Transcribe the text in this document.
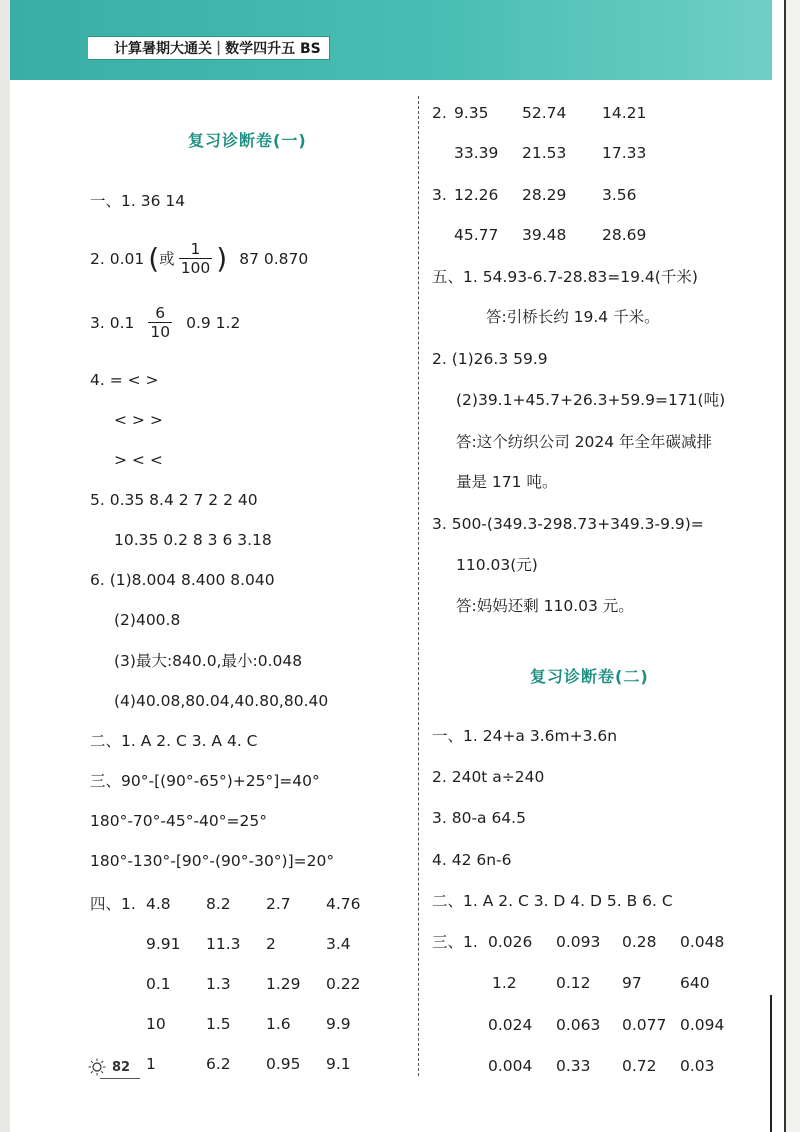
计算暑期大通关 | 数学四升五 BS
复习诊断卷(一)
一、1. 36 14
2. 0.01 ( 或 $\frac{1}{100}$ ) 87 0.870
3. $0.1 \frac{6}{10} 0.9$ 1.2
4. = < >
< > >
> < <
5. 0.35 8.4 2 7 2 2 40
10.35 0.2 8 3 6 3.18
6. (1)8.004 8.400 8.040
(2)400.8
(3)最大:840.0,最小:0.048
(4)40.08,80.04,40.80,80.40
二、1. A 2. C 3. A 4. C
三、90°-[(90°-65°)+25°]=40°
180°-70°-45°-40°=25°
180°-130°-[90°-(90°-30°)]=20°
四、1. 4.8 8.2 2.7 4.76
9.91 11.3 2	3.4
0.1 1.3 1.29 0.22
10	1.5 1.6 9.9
1	6.2 0.95 9.1
2. 9.35 52.74 14.21
33.39 21.53 17.33
3. 12.26 28.29 3.56
45.77 39.48 28.69
五、1. 54.93-6.7-28.83=19.4(千米)
答:引桥长约 19.4 千米。
2. (1)26.3 59.9
(2)39.1+45.7+26.3+59.9=171(吨)
答:这个纺织公司 2024 年全年碳减排
量是 171 吨。
3. 500-(349.3-298.73+349.3-9.9)=
110.03(元)
答:妈妈还剩 110.03 元。
复习诊断卷(二)
一、1. 24+a 3.6m+3.6n
2. 240t a÷240
3. 80-a 64.5
4. 42 6n-6
二、1. A 2. C 3. D 4. D 5. B 6. C
三、1. 0.026 0.093 0.28 0.048
1.2	0.12 97 640
0.024 0.063 0.077 0.094
0.004 0.33 0.72 0.03
82
